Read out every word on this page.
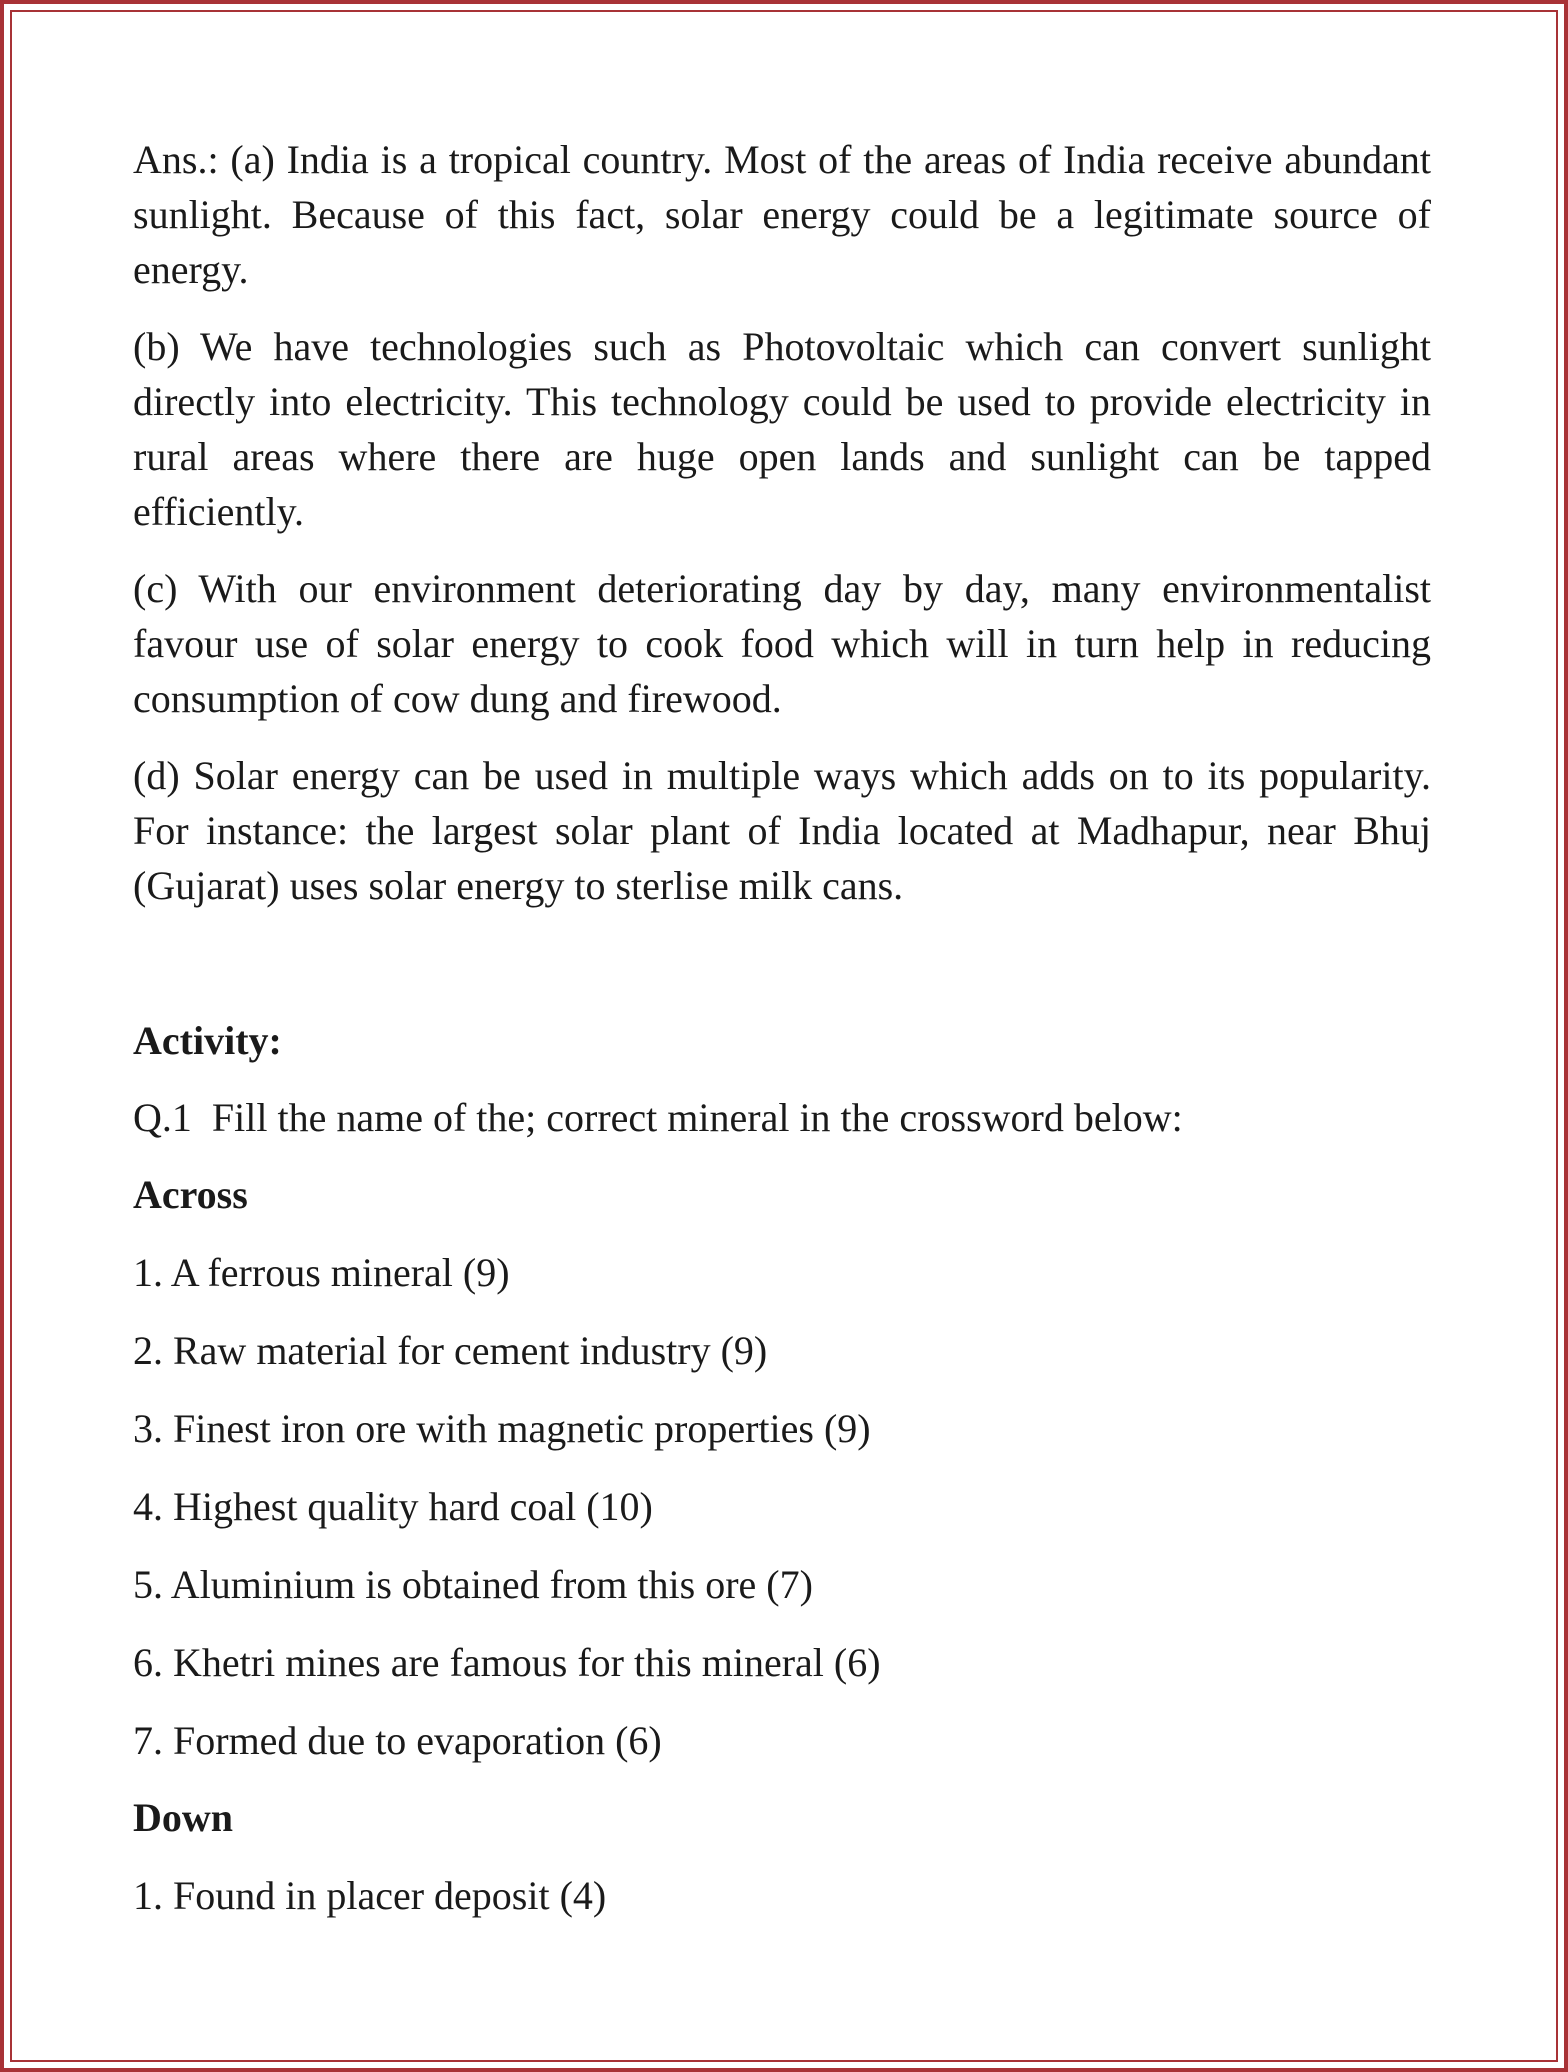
Ans.: (a) India is a tropical country. Most of the areas of India receive abundant sunlight. Because of this fact, solar energy could be a legitimate source of energy.

(b) We have technologies such as Photovoltaic which can convert sunlight directly into electricity. This technology could be used to provide electricity in rural areas where there are huge open lands and sunlight can be tapped efficiently.

(c) With our environment deteriorating day by day, many environmentalist favour use of solar energy to cook food which will in turn help in reducing consumption of cow dung and firewood.

(d) Solar energy can be used in multiple ways which adds on to its popularity. For instance: the largest solar plant of India located at Madhapur, near Bhuj (Gujarat) uses solar energy to sterlise milk cans.

Activity:
Q.1  Fill the name of the; correct mineral in the crossword below:
Across
1. A ferrous mineral (9)
2. Raw material for cement industry (9)
3. Finest iron ore with magnetic properties (9)
4. Highest quality hard coal (10)
5. Aluminium is obtained from this ore (7)
6. Khetri mines are famous for this mineral (6)
7. Formed due to evaporation (6)
Down
1. Found in placer deposit (4)
